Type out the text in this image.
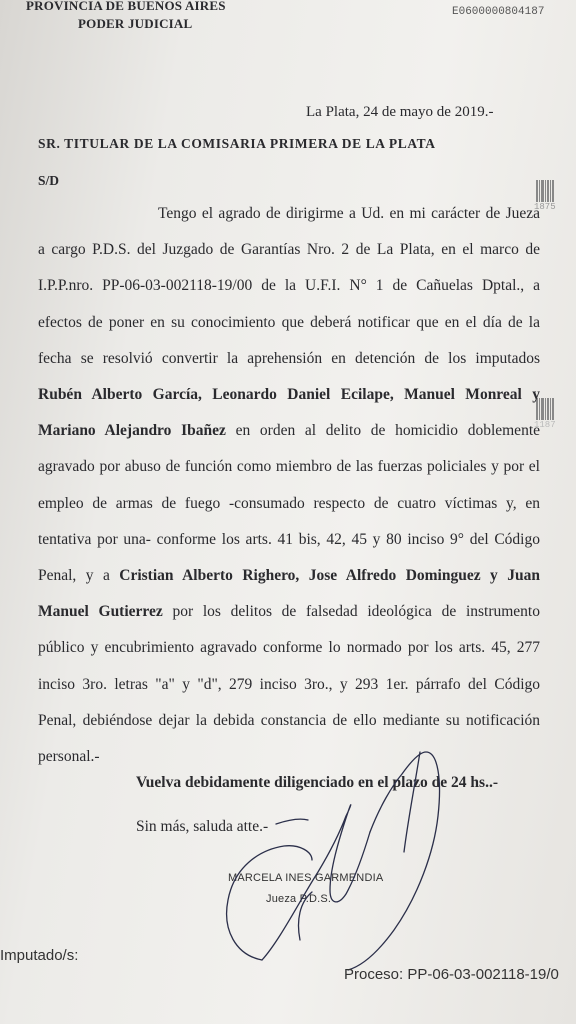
PROVINCIA DE BUENOS AIRES
PODER JUDICIAL
E0600000804187
La Plata, 24 de mayo de 2019.-
SR. TITULAR DE LA COMISARIA PRIMERA DE LA PLATA
S/D
1875
1187
Tengo el agrado de dirigirme a Ud. en mi carácter de Jueza
a cargo P.D.S. del Juzgado de Garantías Nro. 2 de La Plata, en el marco de
I.P.P.nro. PP-06-03-002118-19/00 de la U.F.I. N° 1 de Cañuelas Dptal., a
efectos de poner en su conocimiento que deberá notificar que en el día de la
fecha se resolvió convertir la aprehensión en detención de los imputados
Rubén Alberto García, Leonardo Daniel Ecilape, Manuel Monreal y
Mariano Alejandro Ibañez en orden al delito de homicidio doblemente
agravado por abuso de función como miembro de las fuerzas policiales y por el
empleo de armas de fuego -consumado respecto de cuatro víctimas y, en
tentativa por una- conforme los arts. 41 bis, 42, 45 y 80 inciso 9° del Código
Penal, y a Cristian Alberto Righero, Jose Alfredo Dominguez y Juan
Manuel Gutierrez por los delitos de falsedad ideológica de instrumento
público y encubrimiento agravado conforme lo normado por los arts. 45, 277
inciso 3ro. letras "a" y "d", 279 inciso 3ro., y 293 1er. párrafo del Código
Penal, debiéndose dejar la debida constancia de ello mediante su notificación
personal.-
Vuelva debidamente diligenciado en el plazo de 24 hs..-
Sin más, saluda atte.-
MARCELA INES GARMENDIA
Jueza P.D.S.
Imputado/s:
Proceso: PP-06-03-002118-19/0
